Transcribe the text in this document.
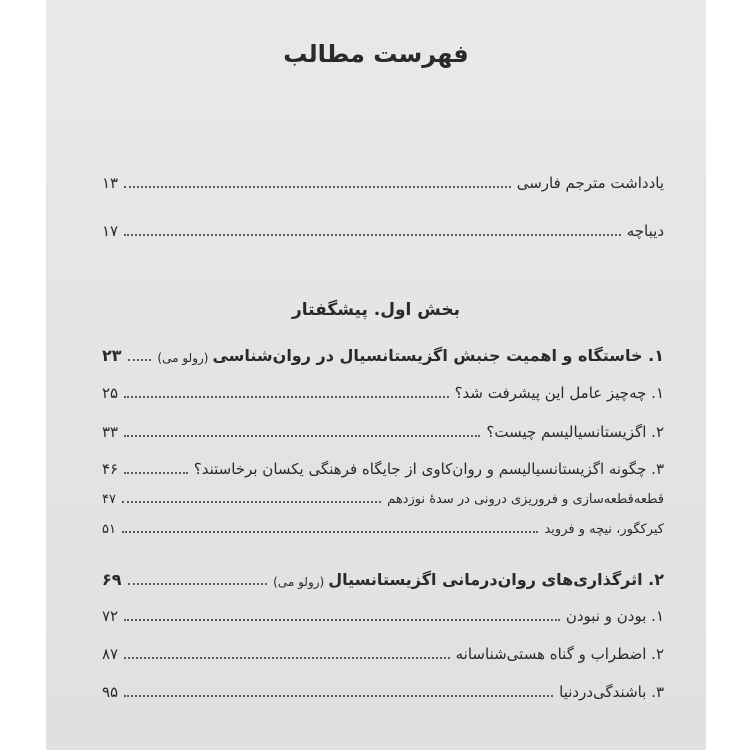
فهرست مطالب
یادداشت مترجم فارسی
۱۳
دیباچه
۱۷
بخش اول. پیشگفتار
۱. خاستگاه و اهمیت جنبش اگزیستانسیال در روان‌شناسی
(رولو می)
۲۳
۱. چه‌چیز عامل این پیشرفت شد؟
۲۵
۲. اگزیستانسیالیسم چیست؟
۳۳
۳. چگونه اگزیستانسیالیسم و روان‌کاوی از جایگاه فرهنگی یکسان برخاستند؟
۴۶
قطعه‌قطعه‌سازی و فروریزی درونی در سدهٔ نوزدهم
۴۷
کیرکگور، نیچه و فروید
۵۱
۲. اثرگذاری‌های روان‌درمانی اگزیستانسیال
(رولو می)
۶۹
۱. بودن و نبودن
۷۲
۲. اضطراب و گناه هستی‌شناسانه
۸۷
۳. باشندگی‌در‌دنیا
۹۵
